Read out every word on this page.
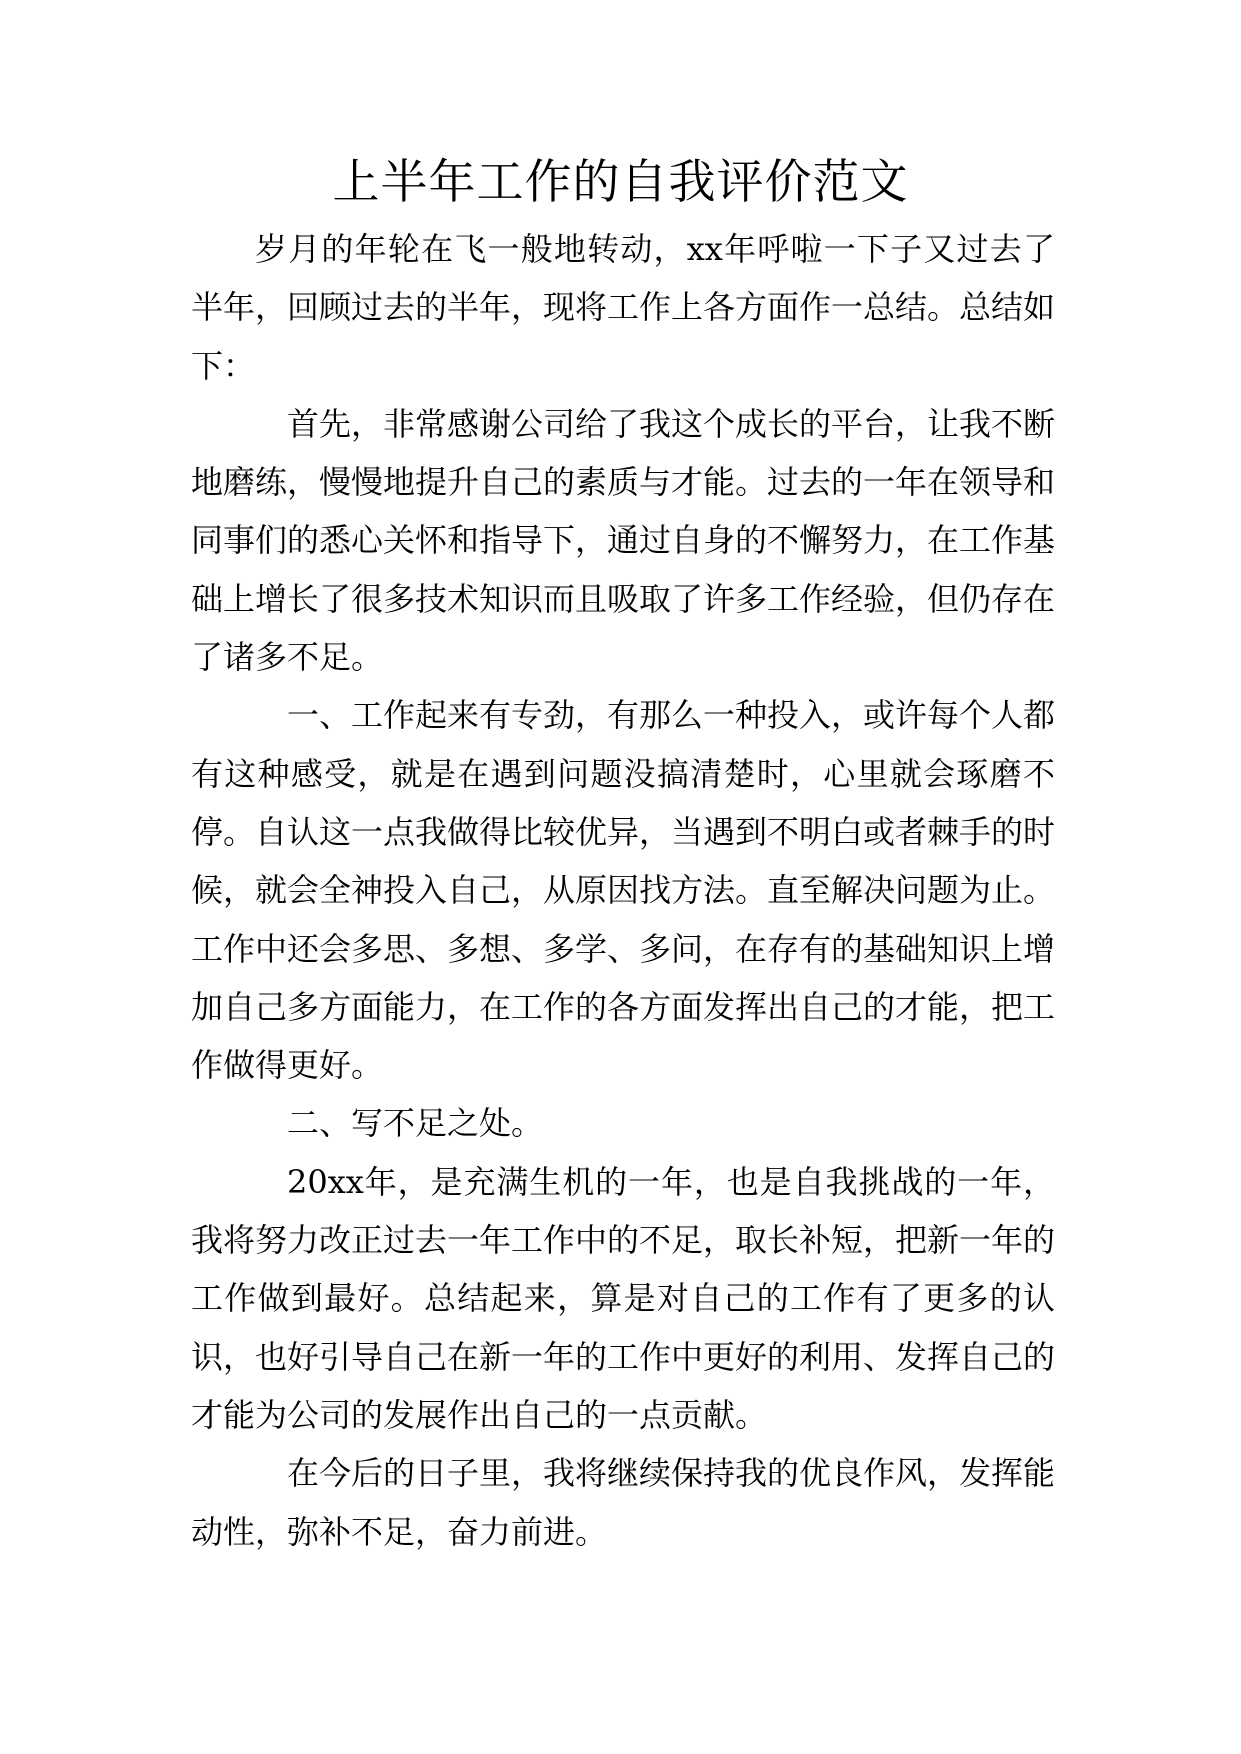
上半年工作的自我评价范文

岁月的年轮在飞一般地转动，xx年呼啦一下子又过去了半年，回顾过去的半年，现将工作上各方面作一总结。总结如下：

首先，非常感谢公司给了我这个成长的平台，让我不断地磨练，慢慢地提升自己的素质与才能。过去的一年在领导和同事们的悉心关怀和指导下，通过自身的不懈努力，在工作基础上增长了很多技术知识而且吸取了许多工作经验，但仍存在了诸多不足。

一、工作起来有专劲，有那么一种投入，或许每个人都有这种感受，就是在遇到问题没搞清楚时，心里就会琢磨不停。自认这一点我做得比较优异，当遇到不明白或者棘手的时候，就会全神投入自己，从原因找方法。直至解决问题为止。工作中还会多思、多想、多学、多问，在存有的基础知识上增加自己多方面能力，在工作的各方面发挥出自己的才能，把工作做得更好。

二、写不足之处。

20xx年，是充满生机的一年，也是自我挑战的一年，我将努力改正过去一年工作中的不足，取长补短，把新一年的工作做到最好。总结起来，算是对自己的工作有了更多的认识，也好引导自己在新一年的工作中更好的利用、发挥自己的才能为公司的发展作出自己的一点贡献。

在今后的日子里，我将继续保持我的优良作风，发挥能动性，弥补不足，奋力前进。
